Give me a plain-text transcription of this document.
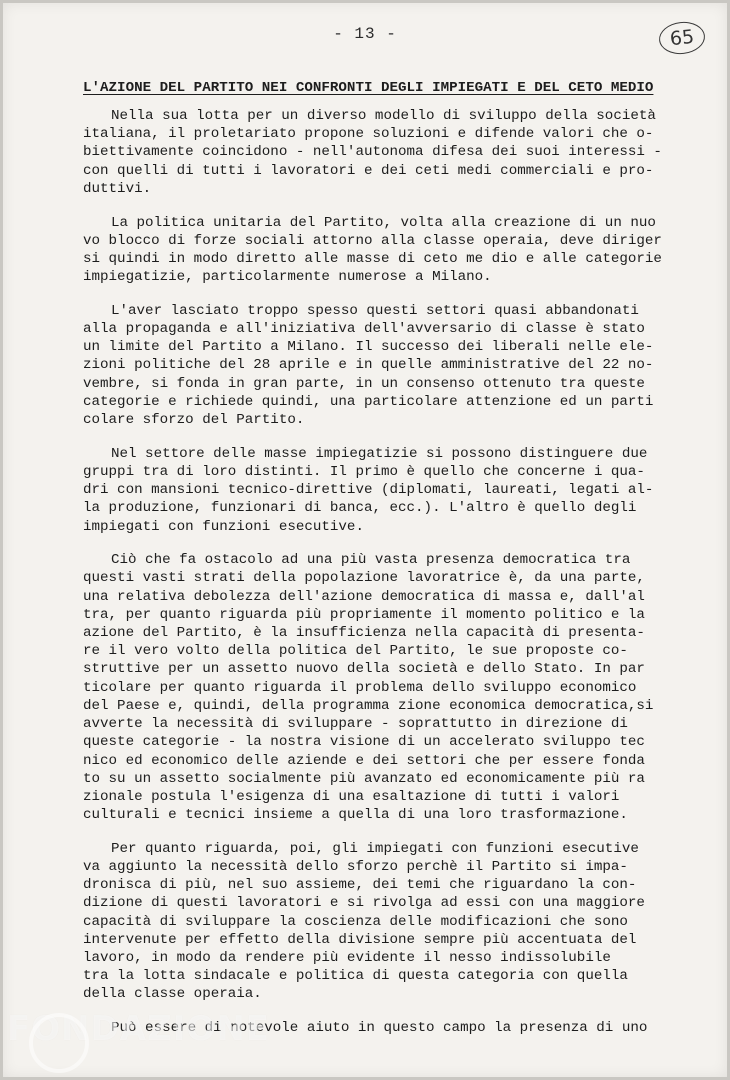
- 13 -	65
L'AZIONE DEL PARTITO NEI CONFRONTI DEGLI IMPIEGATI E DEL CETO MEDIO
Nella sua lotta per un diverso modello di sviluppo della società
italiana, il proletariato propone soluzioni e difende valori che o-
biettivamente coincidono - nell'autonoma difesa dei suoi interessi -
con quelli di tutti i lavoratori e dei ceti medi commerciali e pro-
duttivi.
La politica unitaria del Partito, volta alla creazione di un nuo
vo blocco di forze sociali attorno alla classe operaia, deve diriger
si quindi in modo diretto alle masse di ceto me dio e alle categorie
impiegatizie, particolarmente numerose a Milano.
L'aver lasciato troppo spesso questi settori quasi abbandonati
alla propaganda e all'iniziativa dell'avversario di classe è stato
un limite del Partito a Milano. Il successo dei liberali nelle ele-
zioni politiche del 28 aprile e in quelle amministrative del 22 no-
vembre, si fonda in gran parte, in un consenso ottenuto tra queste
categorie e richiede quindi, una particolare attenzione ed un parti
colare sforzo del Partito.
Nel settore delle masse impiegatizie si possono distinguere due
gruppi tra di loro distinti. Il primo è quello che concerne i qua-
dri con mansioni tecnico-direttive (diplomati, laureati, legati al-
la produzione, funzionari di banca, ecc.). L'altro è quello degli
impiegati con funzioni esecutive.
Ciò che fa ostacolo ad una più vasta presenza democratica tra
questi vasti strati della popolazione lavoratrice è, da una parte,
una relativa debolezza dell'azione democratica di massa e, dall'al
tra, per quanto riguarda più propriamente il momento politico e la
azione del Partito, è la insufficienza nella capacità di presenta-
re il vero volto della politica del Partito, le sue proposte co-
struttive per un assetto nuovo della società e dello Stato. In par
ticolare per quanto riguarda il problema dello sviluppo economico
del Paese e, quindi, della programma zione economica democratica,si
avverte la necessità di sviluppare - soprattutto in direzione di
queste categorie - la nostra visione di un accelerato sviluppo tec
nico ed economico delle aziende e dei settori che per essere fonda
to su un assetto socialmente più avanzato ed economicamente più ra
zionale postula l'esigenza di una esaltazione di tutti i valori
culturali e tecnici insieme a quella di una loro trasformazione.
Per quanto riguarda, poi, gli impiegati con funzioni esecutive
va aggiunto la necessità dello sforzo perchè il Partito si impa-
dronisca di più, nel suo assieme, dei temi che riguardano la con-
dizione di questi lavoratori e si rivolga ad essi con una maggiore
capacità di sviluppare la coscienza delle modificazioni che sono
intervenute per effetto della divisione sempre più accentuata del
lavoro, in modo da rendere più evidente il nesso indissolubile
tra la lotta sindacale e politica di questa categoria con quella
della classe operaia.
Può essere di notevole aiuto in questo campo la presenza di uno
FONDAZIONE
